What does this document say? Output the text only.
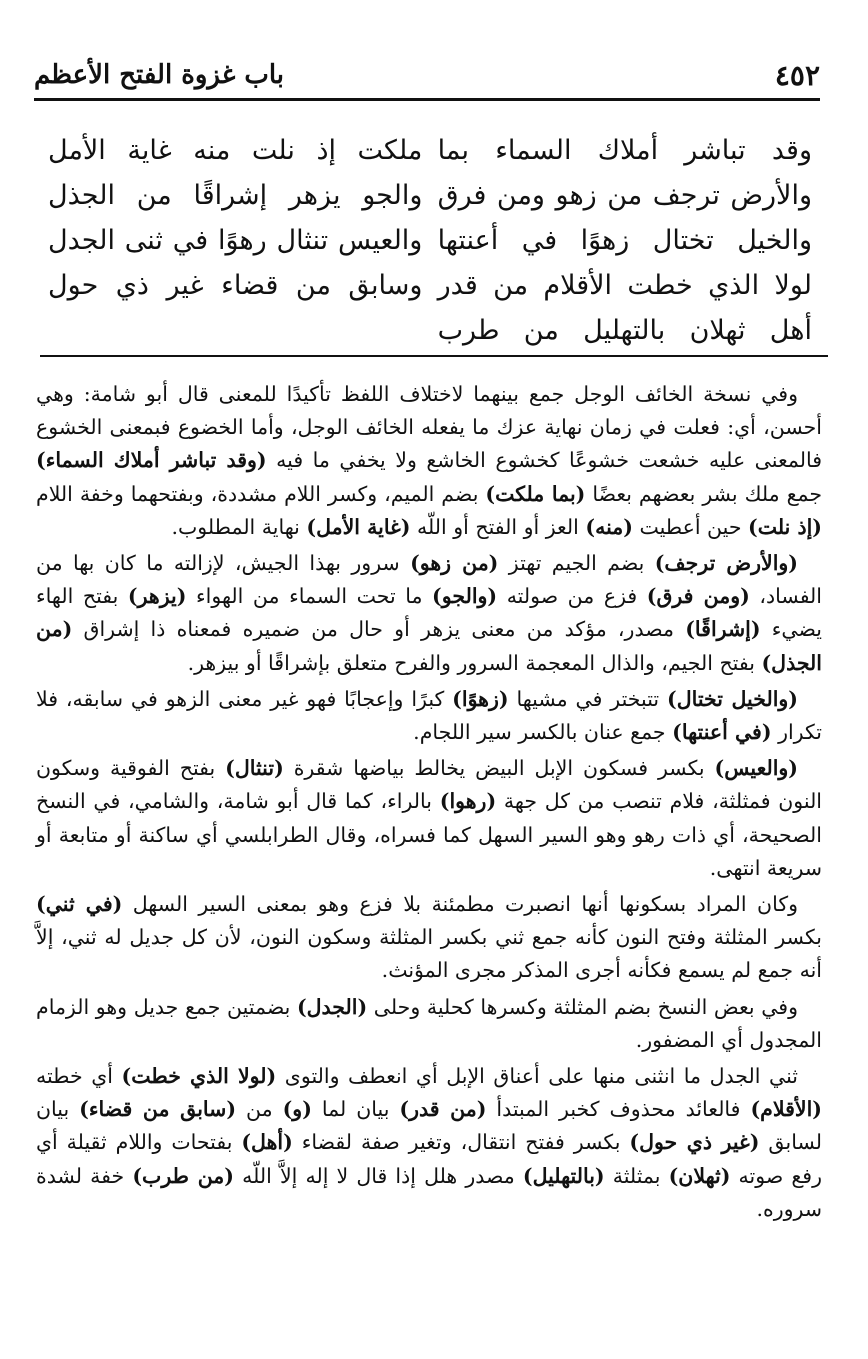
٤٥٢
باب غزوة الفتح الأعظم
وقد تباشر أملاك السماء بما
ملكت إذ نلت منه غاية الأمل
والأرض ترجف من زهو ومن فرق
والجو يزهر إشراقًا من الجذل
والخيل تختال زهوًا في أعنتها
والعيس تنثال رهوًا في ثنى الجدل
لولا الذي خطت الأقلام من قدر
وسابق من قضاء غير ذي حول
أهل ثهلان بالتهليل من طرب

وفي نسخة الخائف الوجل جمع بينهما لاختلاف اللفظ تأكيدًا للمعنى قال أبو شامة: وهي أحسن، أي: فعلت في زمان نهاية عزك ما يفعله الخائف الوجل، وأما الخضوع فبمعنى الخشوع فالمعنى عليه خشعت خشوعًا كخشوع الخاشع ولا يخفي ما فيه (وقد تباشر أملاك السماء) جمع ملك بشر بعضهم بعضًا (بما ملكت) بضم الميم، وكسر اللام مشددة، وبفتحهما وخفة اللام (إذ نلت) حين أعطيت (منه) العز أو الفتح أو اللّه (غاية الأمل) نهاية المطلوب.

(والأرض ترجف) بضم الجيم تهتز (من زهو) سرور بهذا الجيش، لإزالته ما كان بها من الفساد، (ومن فرق) فزع من صولته (والجو) ما تحت السماء من الهواء (يزهر) بفتح الهاء يضيء (إشراقًا) مصدر، مؤكد من معنى يزهر أو حال من ضميره فمعناه ذا إشراق (من الجذل) بفتح الجيم، والذال المعجمة السرور والفرح متعلق بإشراقًا أو بيزهر.

(والخيل تختال) تتبختر في مشيها (زهوًا) كبرًا وإعجابًا فهو غير معنى الزهو في سابقه، فلا تكرار (في أعنتها) جمع عنان بالكسر سير اللجام.

(والعيس) بكسر فسكون الإبل البيض يخالط بياضها شقرة (تنثال) بفتح الفوقية وسكون النون فمثلثة، فلام تنصب من كل جهة (رهوا) بالراء، كما قال أبو شامة، والشامي، في النسخ الصحيحة، أي ذات رهو وهو السير السهل كما فسراه، وقال الطرابلسي أي ساكنة أو متابعة أو سريعة انتهى.

وكان المراد بسكونها أنها انصبرت مطمئنة بلا فزع وهو بمعنى السير السهل (في ثني) بكسر المثلثة وفتح النون كأنه جمع ثني بكسر المثلثة وسكون النون، لأن كل جديل له ثني، إلاَّ أنه جمع لم يسمع فكأنه أجرى المذكر مجرى المؤنث.

وفي بعض النسخ بضم المثلثة وكسرها كحلية وحلى (الجدل) بضمتين جمع جديل وهو الزمام المجدول أي المضفور.

ثني الجدل ما انثنى منها على أعناق الإبل أي انعطف والتوى (لولا الذي خطت) أي خطته (الأقلام) فالعائد محذوف كخبر المبتدأ (من قدر) بيان لما (و) من (سابق من قضاء) بيان لسابق (غير ذي حول) بكسر ففتح انتقال، وتغير صفة لقضاء (أهل) بفتحات واللام ثقيلة أي رفع صوته (ثهلان) بمثلثة (بالتهليل) مصدر هلل إذا قال لا إله إلاَّ اللّه (من طرب) خفة لشدة سروره.
